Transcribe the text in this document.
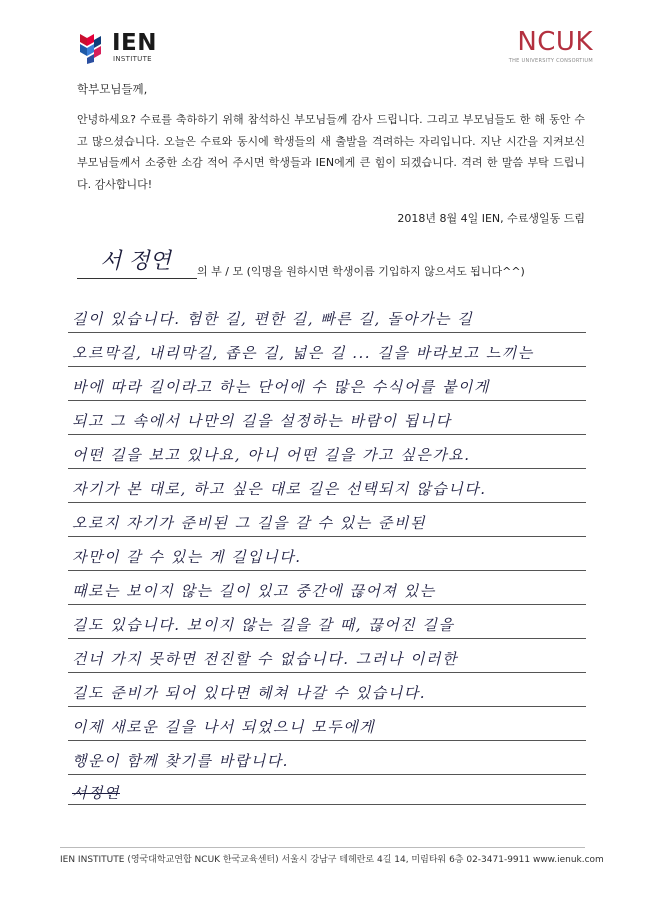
IEN
INSTITUTE
NCUK
THE UNIVERSITY CONSORTIUM
학부모님들께,
안녕하세요? 수료를 축하하기 위해 참석하신 부모님들께 감사 드립니다. 그리고 부모님들도 한 해 동안 수고 많으셨습니다. 오늘은 수료와 동시에 학생들의 새 출발을 격려하는 자리입니다. 지난 시간을 지켜보신 부모님들께서 소중한 소감 적어 주시면 학생들과 IEN에게 큰 힘이 되겠습니다. 격려 한 말씀 부탁 드립니다. 감사합니다!
2018년 8월 4일 IEN, 수료생일동 드림
서 정연 의 부 / 모 (익명을 원하시면 학생이름 기입하지 않으셔도 됩니다^^)
길이 있습니다. 험한 길, 편한 길, 빠른 길, 돌아가는 길
오르막길, 내리막길, 좁은 길, 넓은 길 ... 길을 바라보고 느끼는
바에 따라 길이라고 하는 단어에 수 많은 수식어를 붙이게
되고 그 속에서 나만의 길을 설정하는 바람이 됩니다
어떤 길을 보고 있나요, 아니 어떤 길을 가고 싶은가요.
자기가 본 대로, 하고 싶은 대로 길은 선택되지 않습니다.
오로지 자기가 준비된 그 길을 갈 수 있는 준비된
자만이 갈 수 있는 게 길입니다.
때로는 보이지 않는 길이 있고 중간에 끊어져 있는
길도 있습니다. 보이지 않는 길을 갈 때, 끊어진 길을
건너 가지 못하면 전진할 수 없습니다. 그러나 이러한
길도 준비가 되어 있다면 헤쳐 나갈 수 있습니다.
이제 새로운 길을 나서 되었으니 모두에게
행운이 함께 찾기를 바랍니다.
서정연
IEN INSTITUTE (영국대학교연합 NCUK 한국교육센터) 서울시 강남구 테헤란로 4길 14, 미림타워 6층 02-3471-9911 www.ienuk.com
